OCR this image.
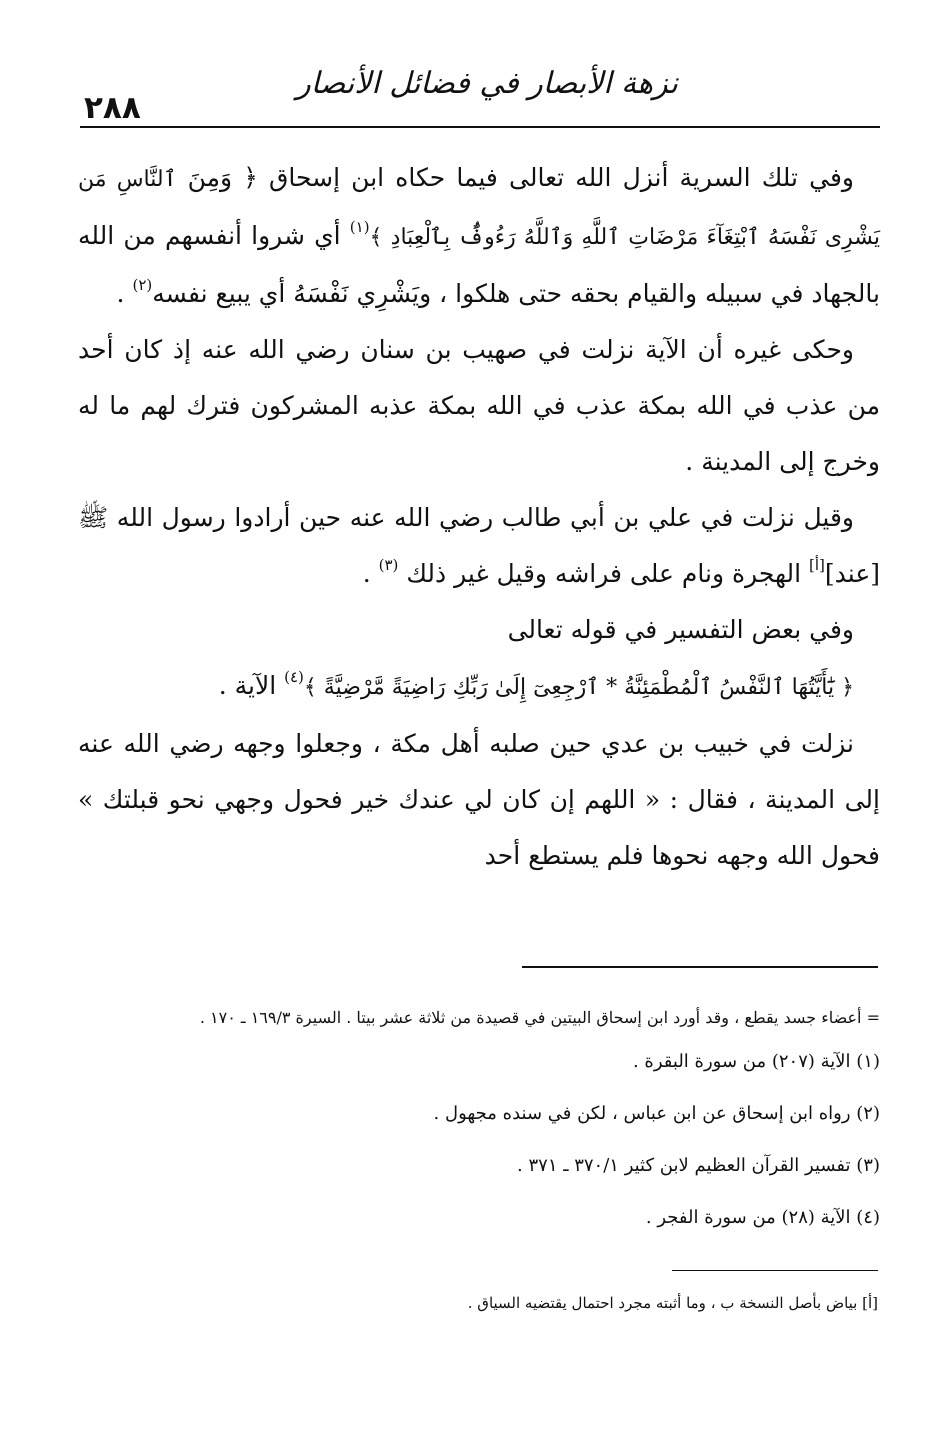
٢٨٨
نزهة الأبصار في فضائل الأنصار

وفي تلك السرية أنزل الله تعالى فيما حكاه ابن إسحاق ﴿ وَمِنَ ٱلنَّاسِ مَن يَشْرِى نَفْسَهُ ٱبْتِغَآءَ مَرْضَاتِ ٱللَّهِ وَٱللَّهُ رَءُوفٌۢ بِٱلْعِبَادِ ﴾$^{(١)}$ أي شروا أنفسهم من الله بالجهاد في سبيله والقيام بحقه حتى هلكوا ، ويَشْرِي نَفْسَهُ أي يبيع نفسه$^{(٢)}$ .

وحكى غيره أن الآية نزلت في صهيب بن سنان رضي الله عنه إذ كان أحد من عذب في الله بمكة عذب في الله بمكة عذبه المشركون فترك لهم ما له وخرج إلى المدينة .

وقيل نزلت في علي بن أبي طالب رضي الله عنه حين أرادوا رسول الله ﷺ [عند][أ] الهجرة ونام على فراشه وقيل غير ذلك $^{(٣)}$ .

وفي بعض التفسير في قوله تعالى

﴿ يَٰٓأَيَّتُهَا ٱلنَّفْسُ ٱلْمُطْمَئِنَّةُ * ٱرْجِعِىٓ إِلَىٰ رَبِّكِ رَاضِيَةً مَّرْضِيَّةً ﴾$^{(٤)}$ الآية .

نزلت في خبيب بن عدي حين صلبه أهل مكة ، وجعلوا وجهه رضي الله عنه إلى المدينة ، فقال : « اللهم إن كان لي عندك خير فحول وجهي نحو قبلتك » فحول الله وجهه نحوها فلم يستطع أحد

= أعضاء جسد يقطع ، وقد أورد ابن إسحاق البيتين في قصيدة من ثلاثة عشر بيتا . السيرة ١٦٩/٣ ـ ١٧٠ .
(١) الآية (٢٠٧) من سورة البقرة .
(٢) رواه ابن إسحاق عن ابن عباس ، لكن في سنده مجهول .
(٣) تفسير القرآن العظيم لابن كثير ٣٧٠/١ ـ ٣٧١ .
(٤) الآية (٢٨) من سورة الفجر .
[أ] بياض بأصل النسخة ب ، وما أثبته مجرد احتمال يقتضيه السياق .
